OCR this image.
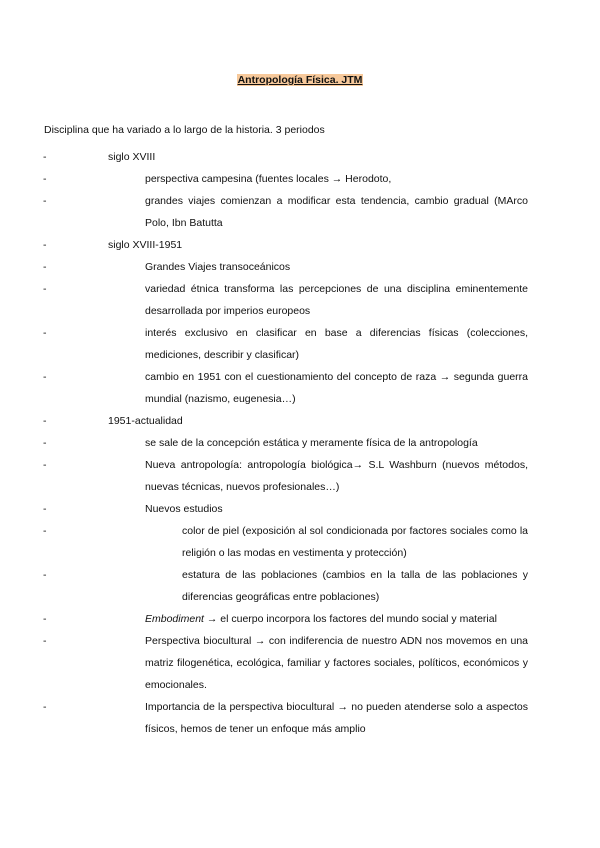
Antropología Física. JTM
Disciplina que ha variado a lo largo de la historia. 3 periodos
-	siglo XVIII
-	perspectiva campesina (fuentes locales → Herodoto,
-	grandes viajes comienzan a modificar esta tendencia, cambio gradual (MArco Polo, Ibn Batutta
-	siglo XVIII-1951
-	Grandes Viajes transoceánicos
-	variedad étnica transforma las percepciones de una disciplina eminentemente desarrollada por imperios europeos
-	interés exclusivo en clasificar en base a diferencias físicas (colecciones, mediciones, describir y clasificar)
-	cambio en 1951 con el cuestionamiento del concepto de raza → segunda guerra mundial (nazismo, eugenesia…)
-	1951-actualidad
-	se sale de la concepción estática y meramente física de la antropología
-	Nueva antropología: antropología biológica→ S.L Washburn (nuevos métodos, nuevas técnicas, nuevos profesionales…)
-	Nuevos estudios
-	color de piel (exposición al sol condicionada por factores sociales como la religión o las modas en vestimenta y protección)
-	estatura de las poblaciones (cambios en la talla de las poblaciones y diferencias geográficas entre poblaciones)
-	Embodiment → el cuerpo incorpora los factores del mundo social y material
-	Perspectiva biocultural → con indiferencia de nuestro ADN nos movemos en una matriz filogenética, ecológica, familiar y factores sociales, políticos, económicos y emocionales.
-	Importancia de la perspectiva biocultural → no pueden atenderse solo a aspectos físicos, hemos de tener un enfoque más amplio
